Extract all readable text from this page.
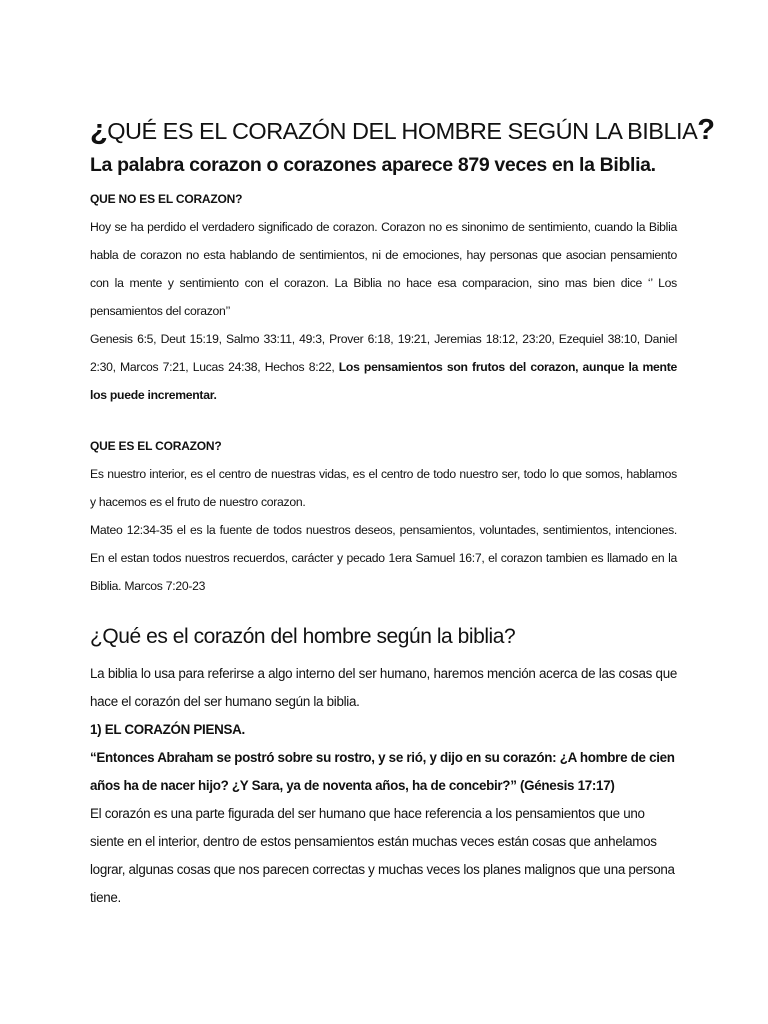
¿QUÉ ES EL CORAZÓN DEL HOMBRE SEGÚN LA BIBLIA?
La palabra corazon o corazones aparece 879 veces en la Biblia.

QUE NO ES EL CORAZON?

Hoy se ha perdido el verdadero significado de corazon. Corazon no es sinonimo de sentimiento, cuando la Biblia habla de corazon no esta hablando de sentimientos, ni de emociones, hay personas que asocian pensamiento con la mente y sentimiento con el corazon. La Biblia no hace esa comparacion, sino mas bien dice ‘’ Los pensamientos del corazon’’

Genesis 6:5, Deut 15:19, Salmo 33:11, 49:3, Prover 6:18, 19:21, Jeremias 18:12, 23:20, Ezequiel 38:10, Daniel 2:30, Marcos 7:21, Lucas 24:38, Hechos 8:22, Los pensamientos son frutos del corazon, aunque la mente los puede incrementar.

QUE ES EL CORAZON?

Es nuestro interior, es el centro de nuestras vidas, es el centro de todo nuestro ser, todo lo que somos, hablamos y hacemos es el fruto de nuestro corazon.

Mateo 12:34-35 el es la fuente de todos nuestros deseos, pensamientos, voluntades, sentimientos, intenciones. En el estan todos nuestros recuerdos, carácter y pecado 1era Samuel 16:7, el corazon tambien es llamado en la Biblia. Marcos 7:20-23

¿Qué es el corazón del hombre según la biblia?

La biblia lo usa para referirse a algo interno del ser humano, haremos mención acerca de las cosas que hace el corazón del ser humano según la biblia.

1) EL CORAZÓN PIENSA.

“Entonces Abraham se postró sobre su rostro, y se rió, y dijo en su corazón: ¿A hombre de cien años ha de nacer hijo? ¿Y Sara, ya de noventa años, ha de concebir?” (Génesis 17:17)

El corazón es una parte figurada del ser humano que hace referencia a los pensamientos que uno siente en el interior, dentro de estos pensamientos están muchas veces están cosas que anhelamos lograr, algunas cosas que nos parecen correctas y muchas veces los planes malignos que una persona tiene.
